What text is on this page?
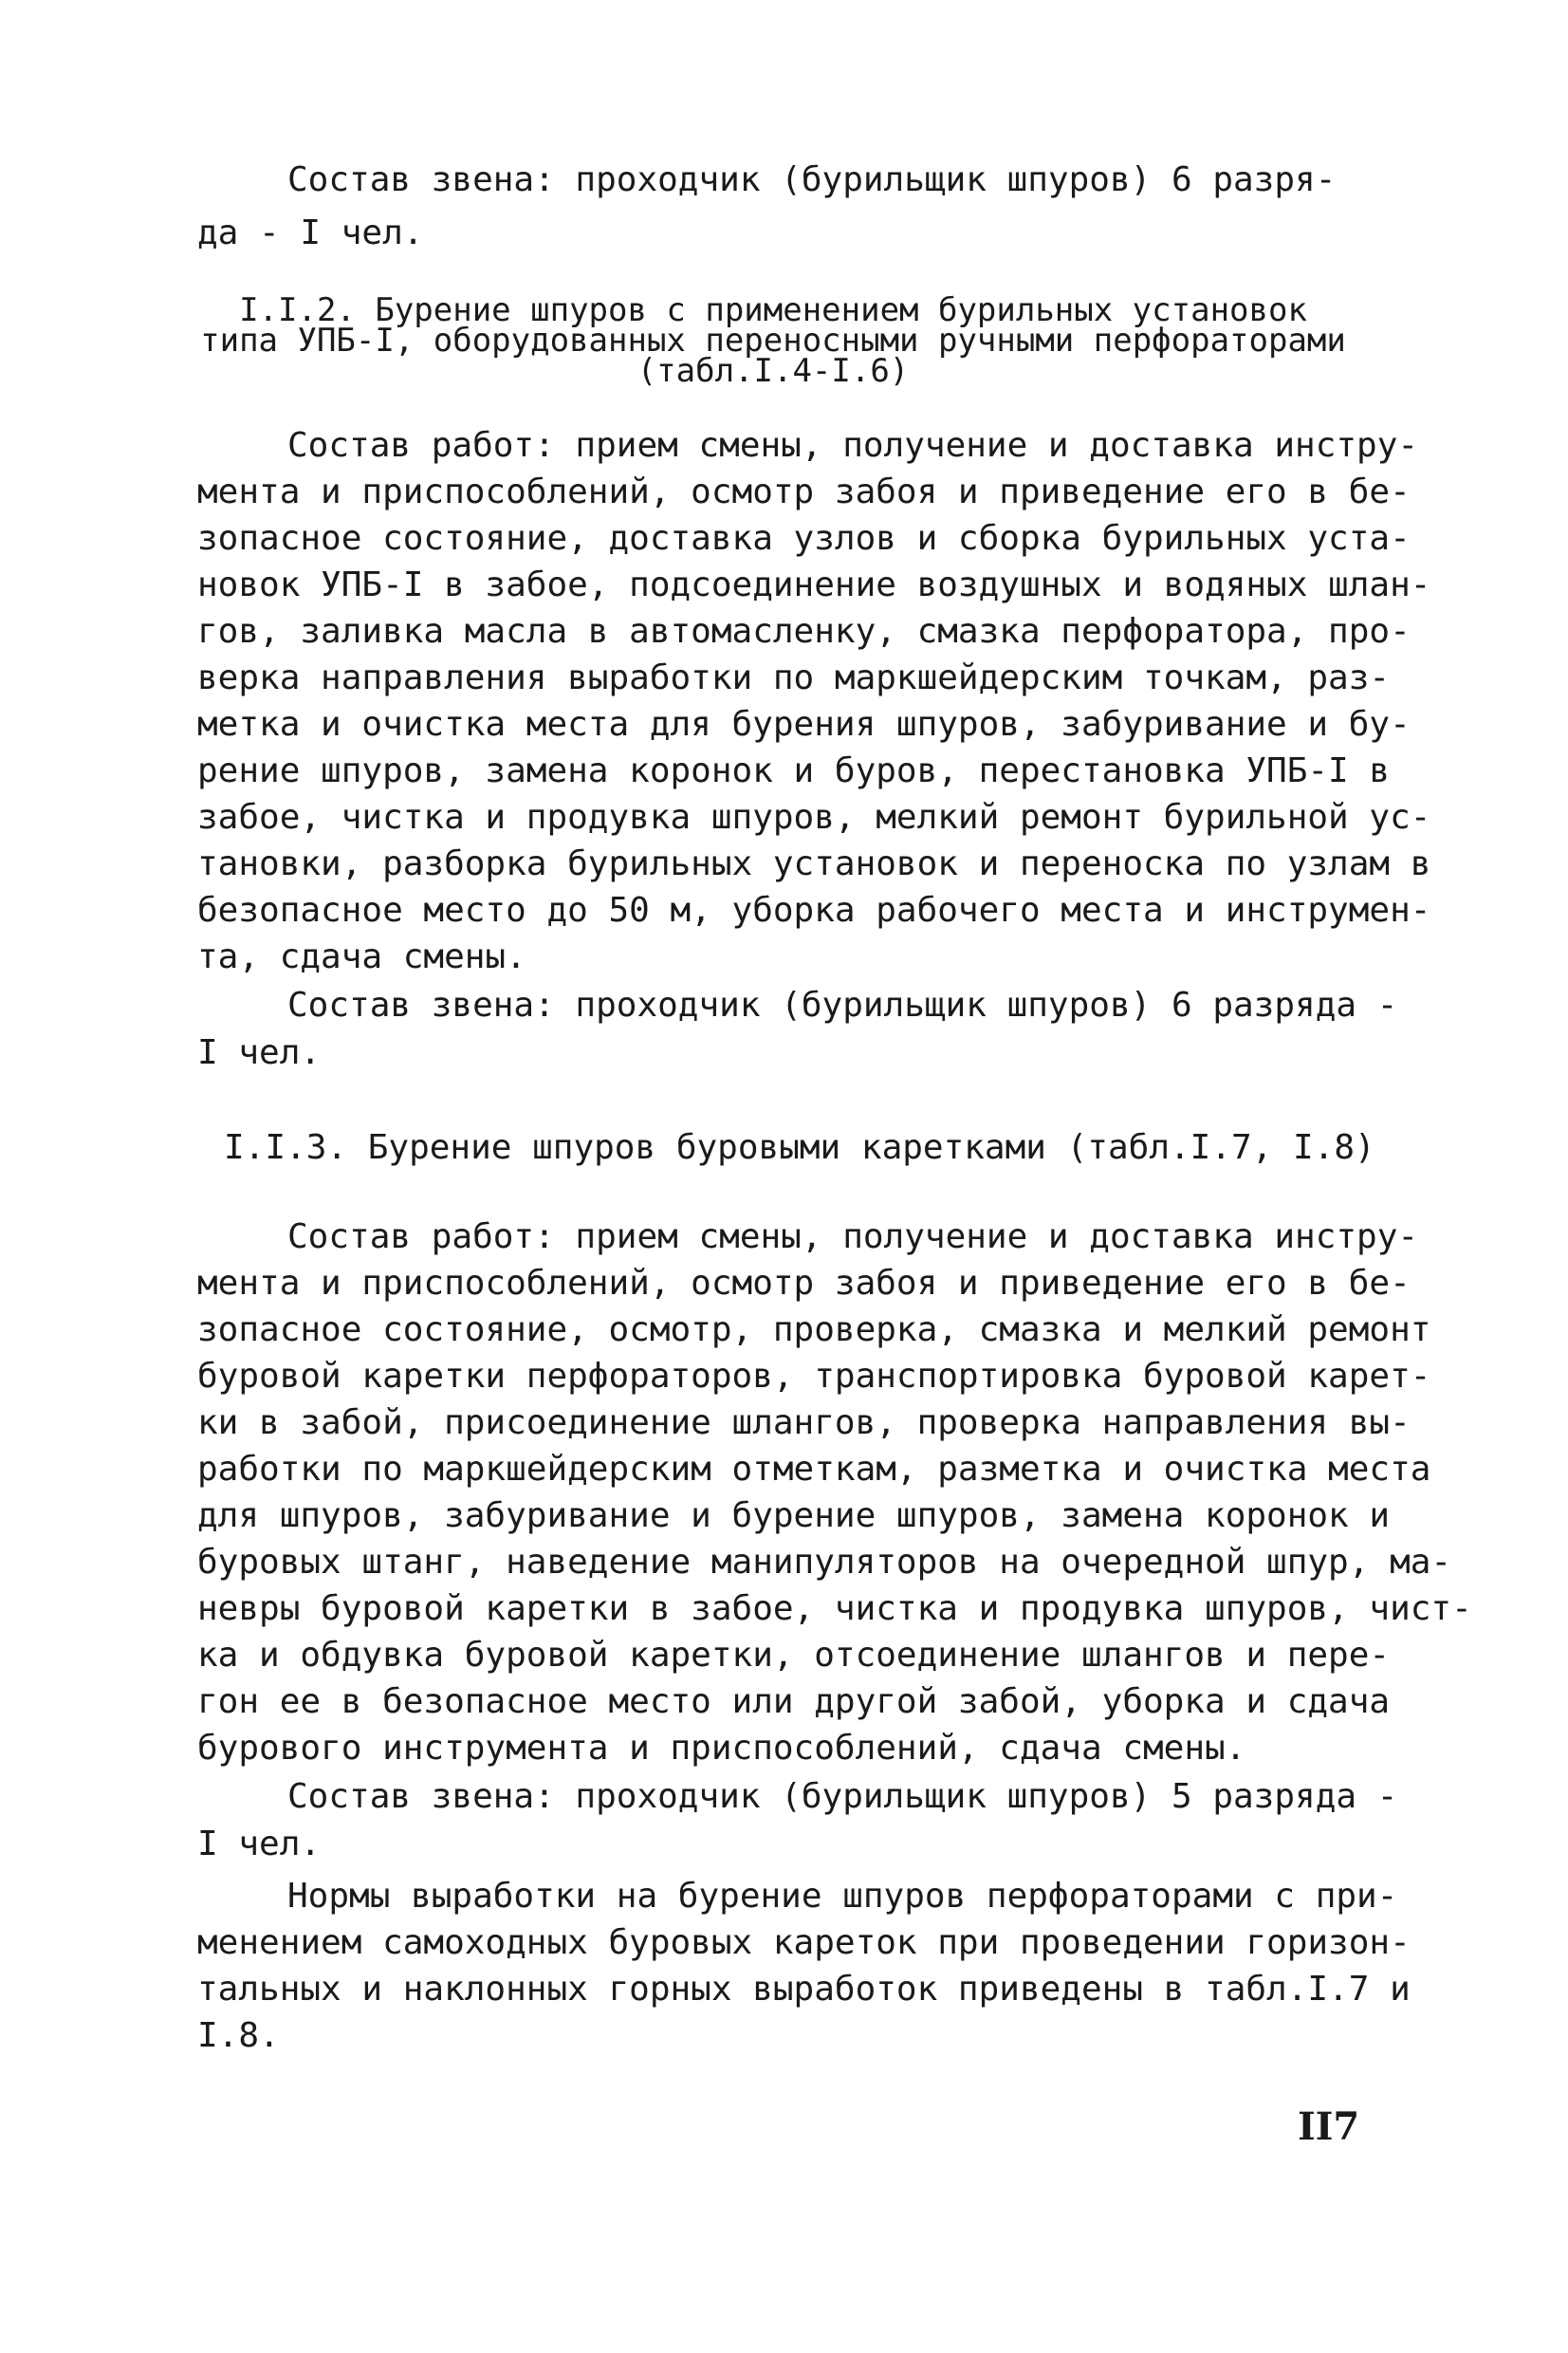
Состав звена: проходчик (бурильщик шпуров) 6 разря-
да - I чел.
I.I.2. Бурение шпуров с применением бурильных установок
типа УПБ-I, оборудованных переносными ручными перфораторами
(табл.I.4-I.6)
Состав работ: прием смены, получение и доставка инстру-
мента и приспособлений, осмотр забоя и приведение его в бе-
зопасное состояние, доставка узлов и сборка бурильных уста-
новок УПБ-I в забое, подсоединение воздушных и водяных шлан-
гов, заливка масла в автомасленку, смазка перфоратора, про-
верка направления выработки по маркшейдерским точкам, раз-
метка и очистка места для бурения шпуров, забуривание и бу-
рение шпуров, замена коронок и буров, перестановка УПБ-I в
забое, чистка и продувка шпуров, мелкий ремонт бурильной ус-
тановки, разборка бурильных установок и переноска по узлам в
безопасное место до 50 м, уборка рабочего места и инструмен-
та, сдача смены.
Состав звена: проходчик (бурильщик шпуров) 6 разряда -
I чел.
I.I.3. Бурение шпуров буровыми каретками (табл.I.7, I.8)
Состав работ: прием смены, получение и доставка инстру-
мента и приспособлений, осмотр забоя и приведение его в бе-
зопасное состояние, осмотр, проверка, смазка и мелкий ремонт
буровой каретки перфораторов, транспортировка буровой карет-
ки в забой, присоединение шлангов, проверка направления вы-
работки по маркшейдерским отметкам, разметка и очистка места
для шпуров, забуривание и бурение шпуров, замена коронок и
буровых штанг, наведение манипуляторов на очередной шпур, ма-
невры буровой каретки в забое, чистка и продувка шпуров, чист-
ка и обдувка буровой каретки, отсоединение шлангов и пере-
гон ее в безопасное место или другой забой, уборка и сдача
бурового инструмента и приспособлений, сдача смены.
Состав звена: проходчик (бурильщик шпуров) 5 разряда -
I чел.
Нормы выработки на бурение шпуров перфораторами с при-
менением самоходных буровых кареток при проведении горизон-
тальных и наклонных горных выработок приведены в табл.I.7 и
I.8.
II7
